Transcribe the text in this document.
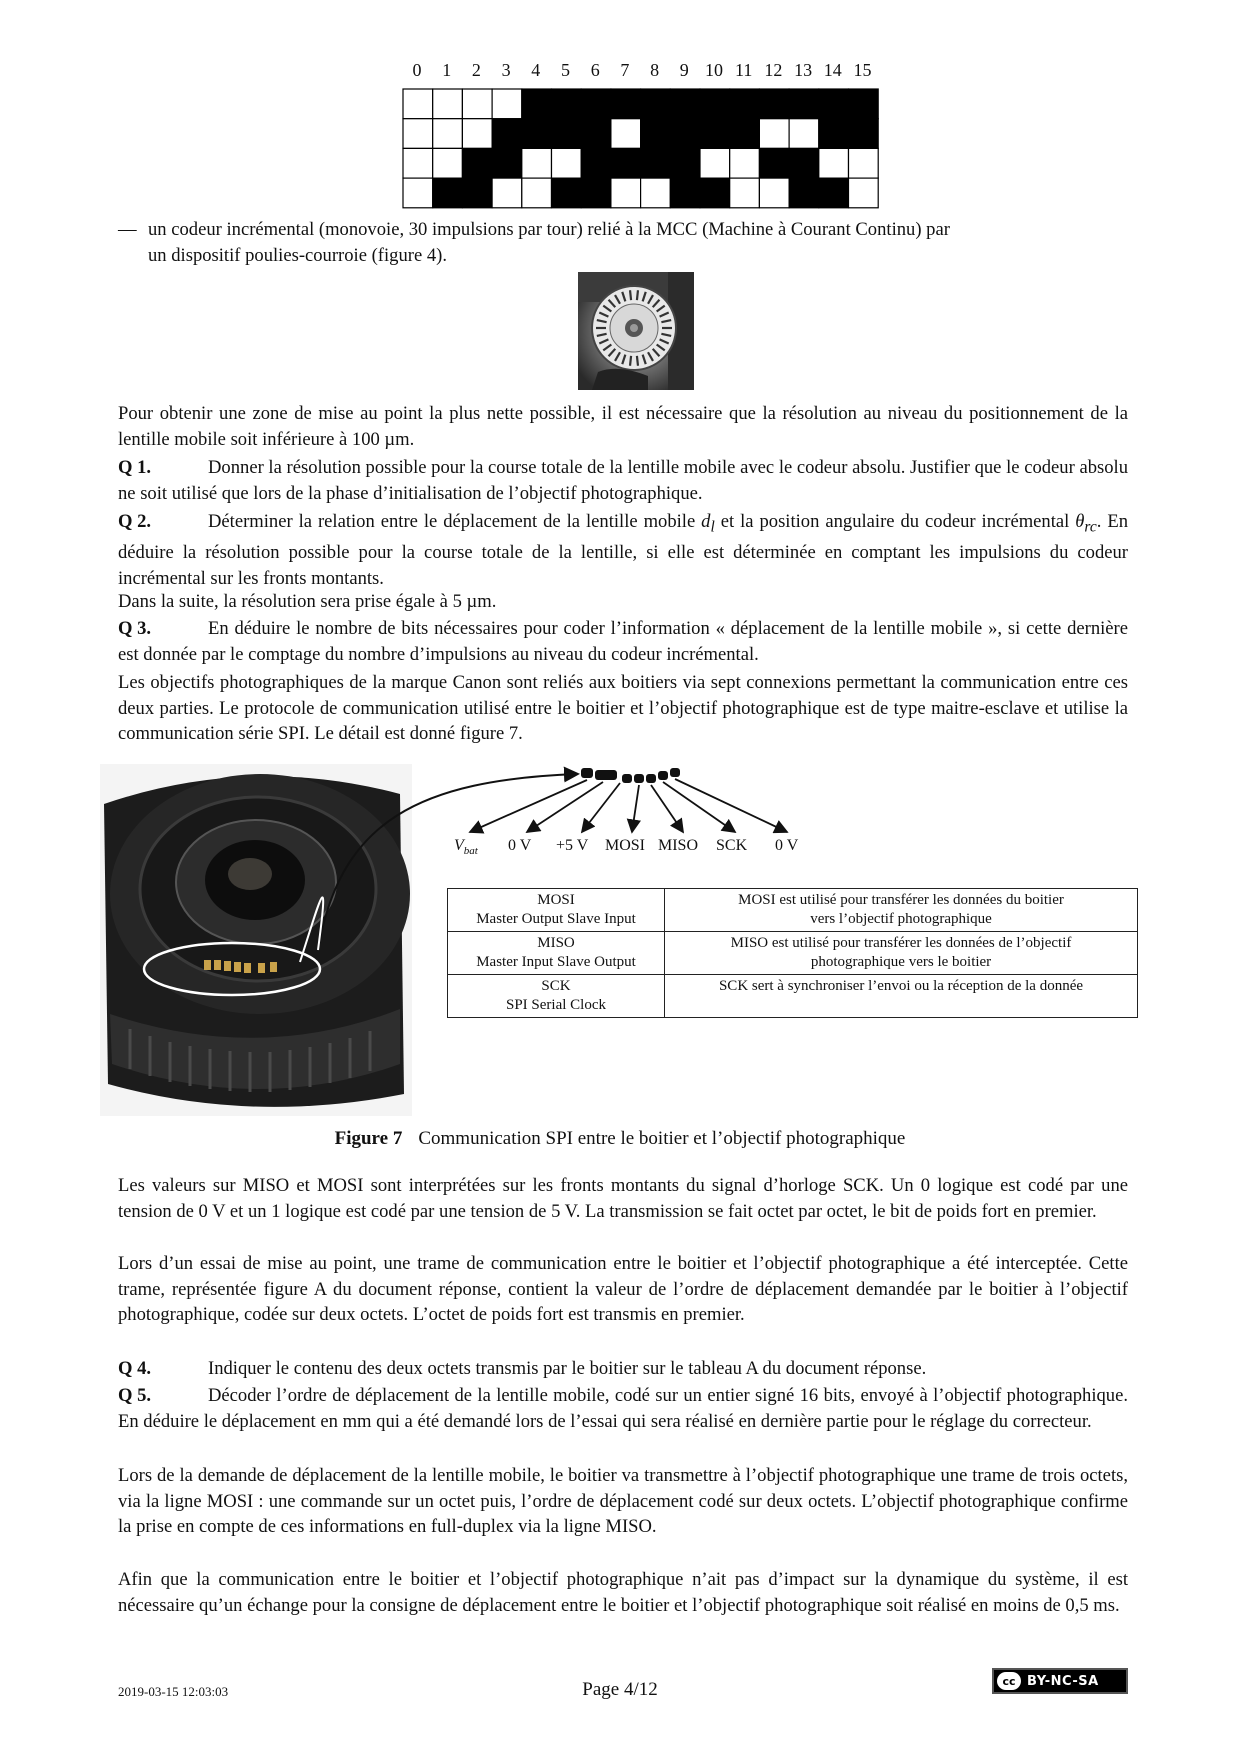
0	1	2	3	4	5	6	7	8	9 10 11 12 13 14 15
— un codeur incrémental (monovoie, 30 impulsions par tour) relié à la MCC (Machine à Courant Continu) par
un dispositif poulies-courroie (figure 4).
Pour obtenir une zone de mise au point la plus nette possible, il est nécessaire que la résolution au niveau du positionnement de la lentille mobile soit inférieure à 100 µm.
Q 1.	Donner la résolution possible pour la course totale de la lentille mobile avec le codeur absolu. Justifier que le codeur absolu ne soit utilisé que lors de la phase d’initialisation de l’objectif photographique.
Q 2.	Déterminer la relation entre le déplacement de la lentille mobile $d_l$ et la position angulaire du codeur incrémental $\theta_{rc}$. En déduire la résolution possible pour la course totale de la lentille, si elle est déterminée en comptant les impulsions du codeur incrémental sur les fronts montants.
Dans la suite, la résolution sera prise égale à 5 µm.
Q 3.	En déduire le nombre de bits nécessaires pour coder l’information « déplacement de la lentille mobile », si cette dernière est donnée par le comptage du nombre d’impulsions au niveau du codeur incrémental.
Les objectifs photographiques de la marque Canon sont reliés aux boitiers via sept connexions permettant la communication entre ces deux parties. Le protocole de communication utilisé entre le boitier et l’objectif photographique est de type maitre-esclave et utilise la communication série SPI. Le détail est donné figure 7.
$V_{bat}$ 0 V +5 V MOSI MISO SCK 0 V
MOSI
Master Output Slave Input	MOSI est utilisé pour transférer les données du boitier
vers l’objectif photographique
MISO
Master Input Slave Output	MISO est utilisé pour transférer les données de l’objectif
photographique vers le boitier
SCK
SPI Serial Clock	SCK sert à synchroniser l’envoi ou la réception de la donnée
Figure 7 Communication SPI entre le boitier et l’objectif photographique
Les valeurs sur MISO et MOSI sont interprétées sur les fronts montants du signal d’horloge SCK. Un 0 logique est codé par une tension de 0 V et un 1 logique est codé par une tension de 5 V. La transmission se fait octet par octet, le bit de poids fort en premier.
Lors d’un essai de mise au point, une trame de communication entre le boitier et l’objectif photographique a été interceptée. Cette trame, représentée figure A du document réponse, contient la valeur de l’ordre de déplacement demandée par le boitier à l’objectif photographique, codée sur deux octets. L’octet de poids fort est transmis en premier.
Q 4.	Indiquer le contenu des deux octets transmis par le boitier sur le tableau A du document réponse.
Q 5.	Décoder l’ordre de déplacement de la lentille mobile, codé sur un entier signé 16 bits, envoyé à l’objectif photographique. En déduire le déplacement en mm qui a été demandé lors de l’essai qui sera réalisé en dernière partie pour le réglage du correcteur.
Lors de la demande de déplacement de la lentille mobile, le boitier va transmettre à l’objectif photographique une trame de trois octets, via la ligne MOSI : une commande sur un octet puis, l’ordre de déplacement codé sur deux octets. L’objectif photographique confirme la prise en compte de ces informations en full-duplex via la ligne MISO.
Afin que la communication entre le boitier et l’objectif photographique n’ait pas d’impact sur la dynamique du système, il est nécessaire qu’un échange pour la consigne de déplacement entre le boitier et l’objectif photographique soit réalisé en moins de 0,5 ms.
2019-03-15 12:03:03	Page 4/12	cc BY-NC-SA
